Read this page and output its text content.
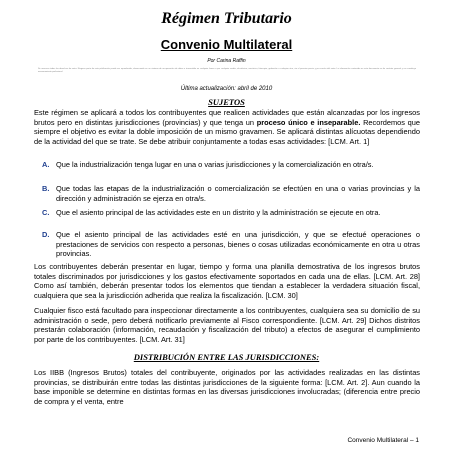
Régimen Tributario
Convenio Multilateral
Por Carina Raffin
Se reservan todos los derechos de autor. Ninguna parte de esta publicación puede ser reproducida, almacenada en un sistema de recuperación de datos o transmitida en cualquier forma o por cualquier medio, electrónico, mecánico, fotocopia, grabación o cualquier otro, sin el permiso previo y por escrito del autor. La información contenida en este documento es de carácter general y no constituye asesoramiento profesional.
Última actualización: abril de 2010
SUJETOS
Este régimen se aplicará a todos los contribuyentes que realicen actividades que están alcanzadas por los ingresos brutos pero en distintas jurisdicciones (provincias) y que tenga un proceso único e inseparable. Recordemos que siempre el objetivo es evitar la doble imposición de un mismo gravamen. Se aplicará distintas alícuotas dependiendo de la actividad del que se trate. Se debe atribuir conjuntamente a todas esas actividades: [LCM. Art. 1]
A. Que la industrialización tenga lugar en una o varias jurisdicciones y la comercialización en otra/s.
B. Que todas las etapas de la industrialización o comercialización se efectúen en una o varias provincias y la dirección y administración se ejerza en otra/s.
C. Que el asiento principal de las actividades este en un distrito y la administración se ejecute en otra.
D. Que el asiento principal de las actividades esté en una jurisdicción, y que se efectué operaciones o prestaciones de servicios con respecto a personas, bienes o cosas utilizadas económicamente en otra u otras provincias.
Los contribuyentes deberán presentar en lugar, tiempo y forma una planilla demostrativa de los ingresos brutos totales discriminados por jurisdicciones y los gastos efectivamente soportados en cada una de ellas. [LCM. Art. 28] Como así también, deberán presentar todos los elementos que tiendan a establecer la verdadera situación fiscal, cualquiera que sea la jurisdicción adherida que realiza la fiscalización. [LCM. 30]
Cualquier fisco está facultado para inspeccionar directamente a los contribuyentes, cualquiera sea su domicilio de su administración o sede, pero deberá notificarlo previamente al Fisco correspondiente. [LCM. Art. 29] Dichos distritos prestarán colaboración (información, recaudación y fiscalización del tributo) a efectos de asegurar el cumplimiento por parte de los contribuyentes. [LCM. Art. 31]
DISTRIBUCIÓN ENTRE LAS JURISDICCIONES:
Los IIBB (Ingresos Brutos) totales del contribuyente, originados por las actividades realizadas en las distintas provincias, se distribuirán entre todas las distintas jurisdicciones de la siguiente forma: [LCM. Art. 2]. Aun cuando la base imponible se determine en distintas formas en las diversas jurisdicciones involucradas; (diferencia entre precio de compra y el venta, entre
Convenio Multilateral – 1
